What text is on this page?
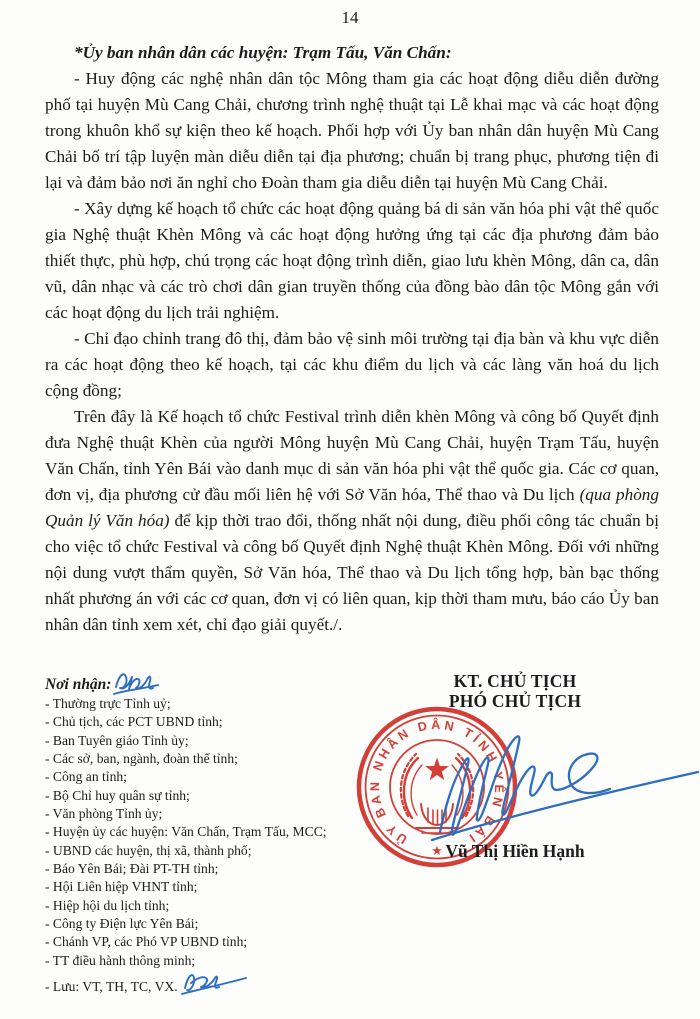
14
*Ủy ban nhân dân các huyện: Trạm Tấu, Văn Chấn:

- Huy động các nghệ nhân dân tộc Mông tham gia các hoạt động diễu diễn đường phố tại huyện Mù Cang Chải, chương trình nghệ thuật tại Lễ khai mạc và các hoạt động trong khuôn khổ sự kiện theo kế hoạch. Phối hợp với Ủy ban nhân dân huyện Mù Cang Chải bố trí tập luyện màn diễu diễn tại địa phương; chuẩn bị trang phục, phương tiện đi lại và đảm bảo nơi ăn nghỉ cho Đoàn tham gia diễu diễn tại huyện Mù Cang Chải.

- Xây dựng kế hoạch tổ chức các hoạt động quảng bá di sản văn hóa phi vật thể quốc gia Nghệ thuật Khèn Mông và các hoạt động hưởng ứng tại các địa phương đảm bảo thiết thực, phù hợp, chú trọng các hoạt động trình diễn, giao lưu khèn Mông, dân ca, dân vũ, dân nhạc và các trò chơi dân gian truyền thống của đồng bào dân tộc Mông gắn với các hoạt động du lịch trải nghiệm.

- Chỉ đạo chỉnh trang đô thị, đảm bảo vệ sinh môi trường tại địa bàn và khu vực diễn ra các hoạt động theo kế hoạch, tại các khu điểm du lịch và các làng văn hoá du lịch cộng đồng;

Trên đây là Kế hoạch tổ chức Festival trình diễn khèn Mông và công bố Quyết định đưa Nghệ thuật Khèn của người Mông huyện Mù Cang Chải, huyện Trạm Tấu, huyện Văn Chấn, tỉnh Yên Bái vào danh mục di sản văn hóa phi vật thể quốc gia. Các cơ quan, đơn vị, địa phương cử đầu mối liên hệ với Sở Văn hóa, Thể thao và Du lịch (qua phòng Quản lý Văn hóa) để kịp thời trao đổi, thống nhất nội dung, điều phối công tác chuẩn bị cho việc tổ chức Festival và công bố Quyết định Nghệ thuật Khèn Mông. Đối với những nội dung vượt thẩm quyền, Sở Văn hóa, Thể thao và Du lịch tổng hợp, bàn bạc thống nhất phương án với các cơ quan, đơn vị có liên quan, kịp thời tham mưu, báo cáo Ủy ban nhân dân tỉnh xem xét, chỉ đạo giải quyết./.

Nơi nhận:
- Thường trực Tỉnh uỷ;
- Chủ tịch, các PCT UBND tỉnh;
- Ban Tuyên giáo Tỉnh ủy;
- Các sở, ban, ngành, đoàn thể tỉnh;
- Công an tỉnh;
- Bộ Chỉ huy quân sự tỉnh;
- Văn phòng Tỉnh ủy;
- Huyện ủy các huyện: Văn Chấn, Trạm Tấu, MCC;
- UBND các huyện, thị xã, thành phố;
- Báo Yên Bái; Đài PT-TH tỉnh;
- Hội Liên hiệp VHNT tỉnh;
- Hiệp hội du lịch tỉnh;
- Công ty Điện lực Yên Bái;
- Chánh VP, các Phó VP UBND tỉnh;
- TT điều hành thông minh;
- Lưu: VT, TH, TC, VX.
KT. CHỦ TỊCH
PHÓ CHỦ TỊCH
ỦY BAN NHÂN DÂN TỈNH YÊN BÁI
★ Vũ Thị Hiền Hạnh
